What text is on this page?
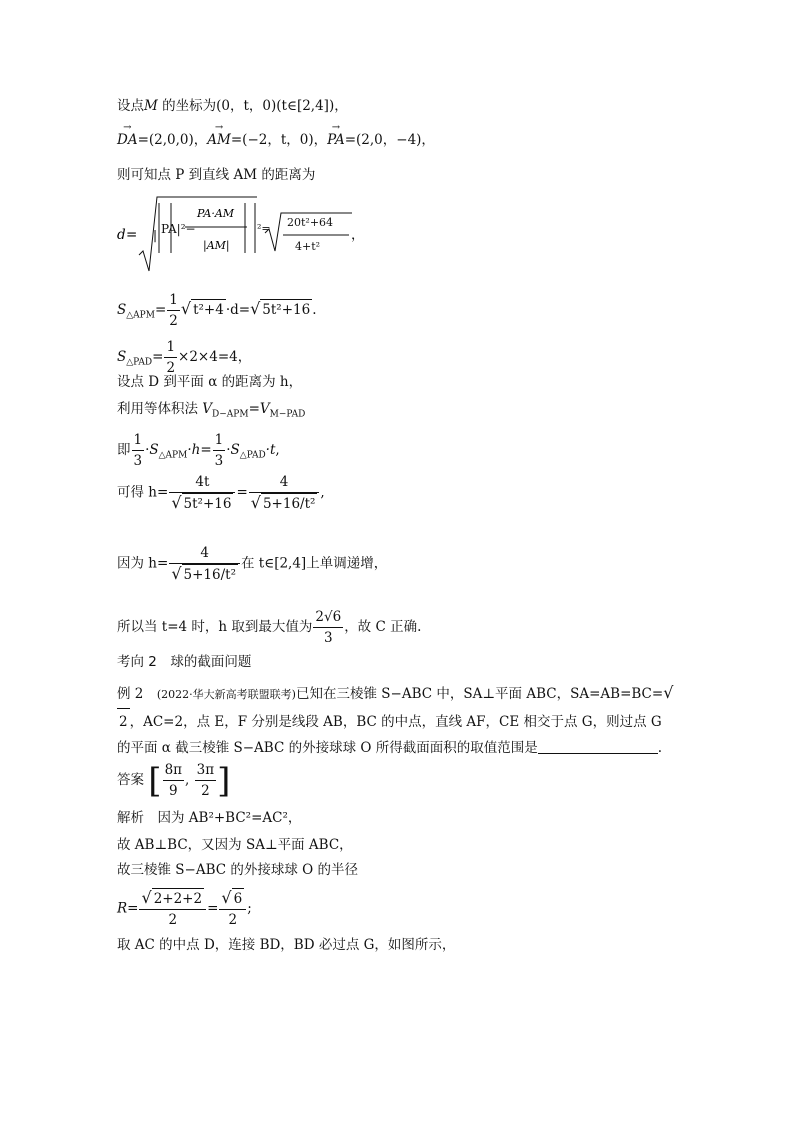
设点M 的坐标为(0，t，0)(t∈[2,4])，
→ DA=(2,0,0)，→ AM=(−2，t，0)，→ PA=(2,0，−4)，
则可知点 P 到直线 AM 的距离为
d = |
PA·AM
|AM|
|PA|²−	²= 20t²+64
4+t²
，
$S_{\triangle APM}= \frac{1}{2}$ √ t²+4 ·d=√ 5t²+16 .
$S_{\triangle PAD}= \frac{1}{2} \times 2\times 4=4$，
设点 D 到平面 α 的距离为 h，
利用等体积法 $V_{D-APM}=V_{M-PAD}$
即 $\frac{1}{3} \cdot S_{\triangle APM}\cdot h= \frac{1}{3} \cdot S_{\triangle PAD}\cdot t$,
可得 $h= \frac{4t}{\text{√ 5t²+16}} = \frac{4}{\text{√ 5+16/t²}}$ ,
因为 $h= \frac{4}{\text{√ 5+16/t²}}$ 在 t∈[2,4]上单调递增，
所以当 t=4 时，h 取到最大值为 $\frac{2√6}{3}$ ，故 C 正确.
考向 2　球的截面问题
例 2　(2022·华大新高考联盟联考)已知在三棱锥 S−ABC 中，SA⊥平面 ABC，SA=AB=BC=√2 ，AC=2，点 E，F 分别是线段 AB，BC 的中点，直线 AF，CE 相交于点 G，则过点 G 的平面 α 截三棱锥 S−ABC 的外接球球 O 所得截面面积的取值范围是	.
答案 [ $\frac{8\pi}{9}$ , $\frac{3\pi}{2}$ ]
解析　因为 AB²+BC²=AC²，
故 AB⊥BC，又因为 SA⊥平面 ABC，
故三棱锥 S−ABC 的外接球球 O 的半径
$R= \frac{√ 2+2+2}{2} = \frac{√ 6}{2}$ ;
取 AC 的中点 D，连接 BD，BD 必过点 G，如图所示，
